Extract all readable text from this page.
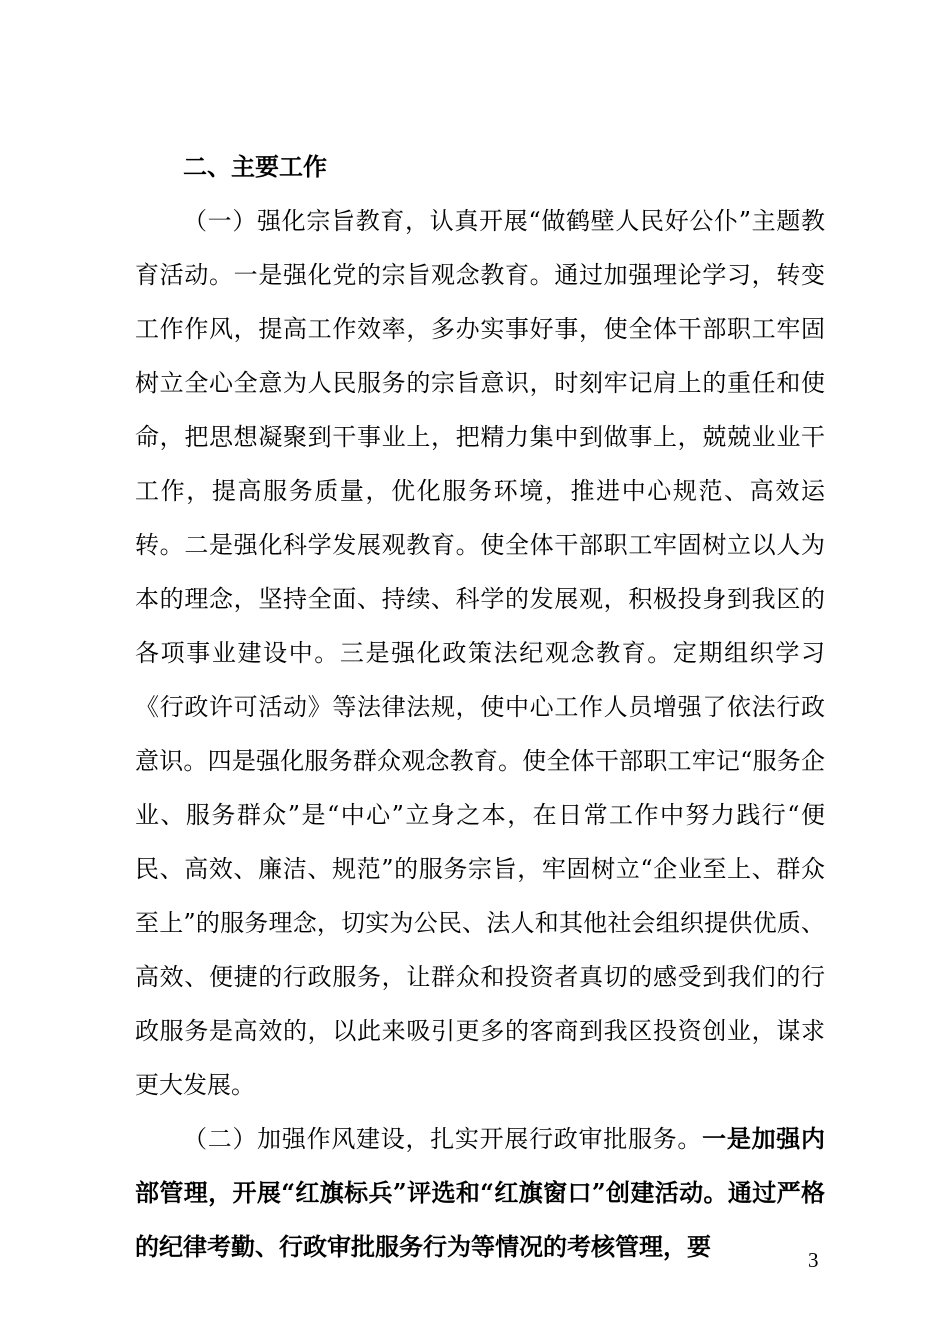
二、主要工作

（一）强化宗旨教育，认真开展“做鹤壁人民好公仆”主题教育活动。一是强化党的宗旨观念教育。通过加强理论学习，转变工作作风，提高工作效率，多办实事好事，使全体干部职工牢固树立全心全意为人民服务的宗旨意识，时刻牢记肩上的重任和使命，把思想凝聚到干事业上，把精力集中到做事上，兢兢业业干工作，提高服务质量，优化服务环境，推进中心规范、高效运转。二是强化科学发展观教育。使全体干部职工牢固树立以人为本的理念，坚持全面、持续、科学的发展观，积极投身到我区的各项事业建设中。三是强化政策法纪观念教育。定期组织学习《行政许可活动》等法律法规，使中心工作人员增强了依法行政意识。四是强化服务群众观念教育。使全体干部职工牢记“服务企业、服务群众”是“中心”立身之本，在日常工作中努力践行“便民、高效、廉洁、规范”的服务宗旨，牢固树立“企业至上、群众至上”的服务理念，切实为公民、法人和其他社会组织提供优质、高效、便捷的行政服务，让群众和投资者真切的感受到我们的行政服务是高效的，以此来吸引更多的客商到我区投资创业，谋求更大发展。

（二）加强作风建设，扎实开展行政审批服务。一是加强内部管理，开展“红旗标兵”评选和“红旗窗口”创建活动。通过严格的纪律考勤、行政审批服务行为等情况的考核管理，要	3
